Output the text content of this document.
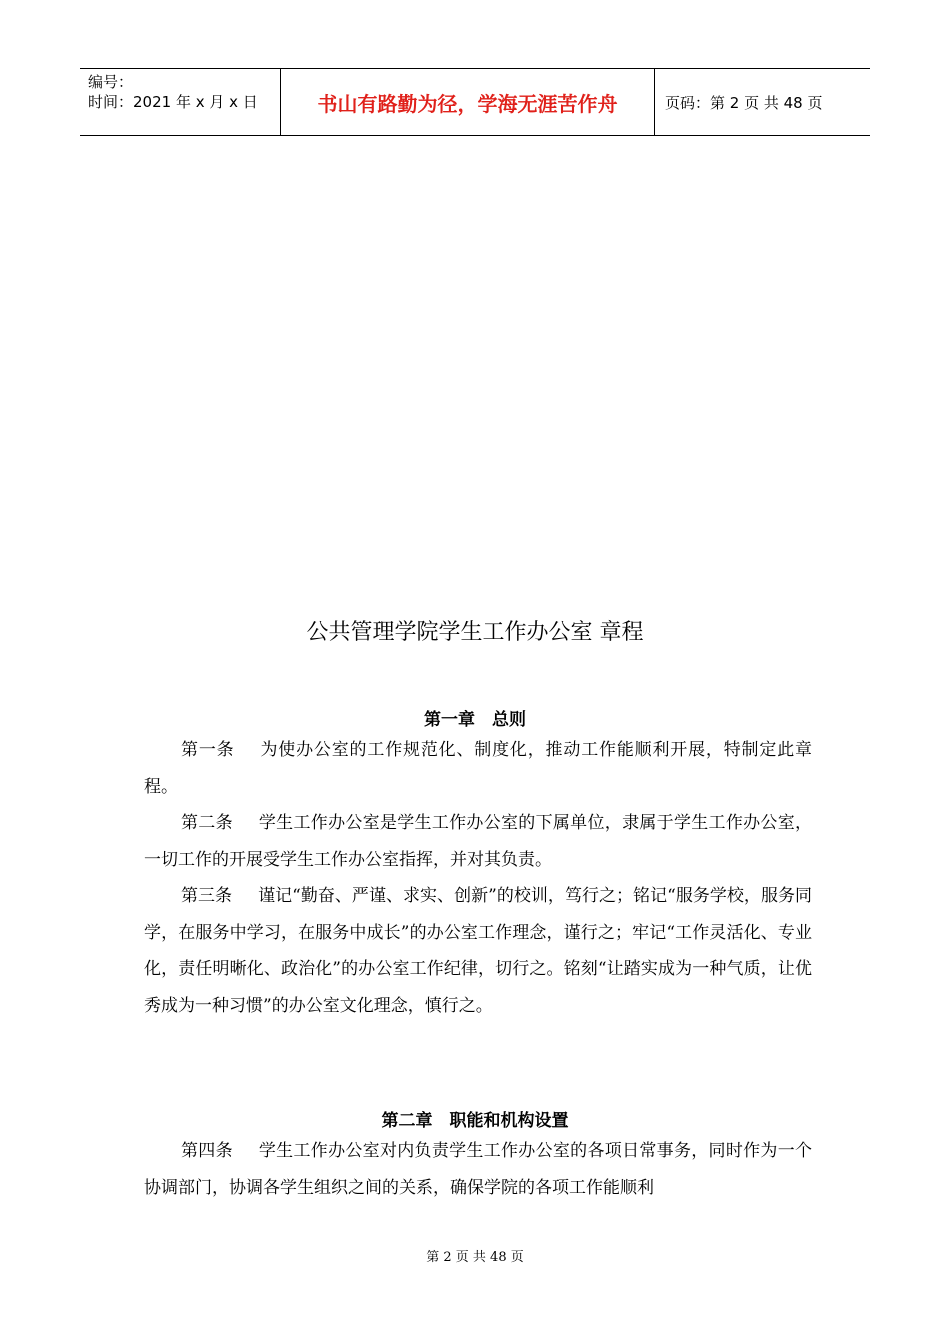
编号：
时间：2021 年 x 月 x 日	书山有路勤为径，学海无涯苦作舟	页码：第 2 页 共 48 页
公共管理学院学生工作办公室 章程
第一章　总则
第一条 为使办公室的工作规范化、制度化，推动工作能顺利开展，特制定此章程。
第二条 学生工作办公室是学生工作办公室的下属单位，隶属于学生工作办公室，一切工作的开展受学生工作办公室指挥，并对其负责。
第三条 谨记“勤奋、严谨、求实、创新”的校训，笃行之；铭记“服务学校，服务同学，在服务中学习，在服务中成长”的办公室工作理念，谨行之；牢记“工作灵活化、专业化，责任明晰化、政治化”的办公室工作纪律，切行之。铭刻“让踏实成为一种气质，让优秀成为一种习惯”的办公室文化理念，慎行之。
第二章　职能和机构设置
第四条 学生工作办公室对内负责学生工作办公室的各项日常事务，同时作为一个协调部门，协调各学生组织之间的关系，确保学院的各项工作能顺利
第 2 页 共 48 页
